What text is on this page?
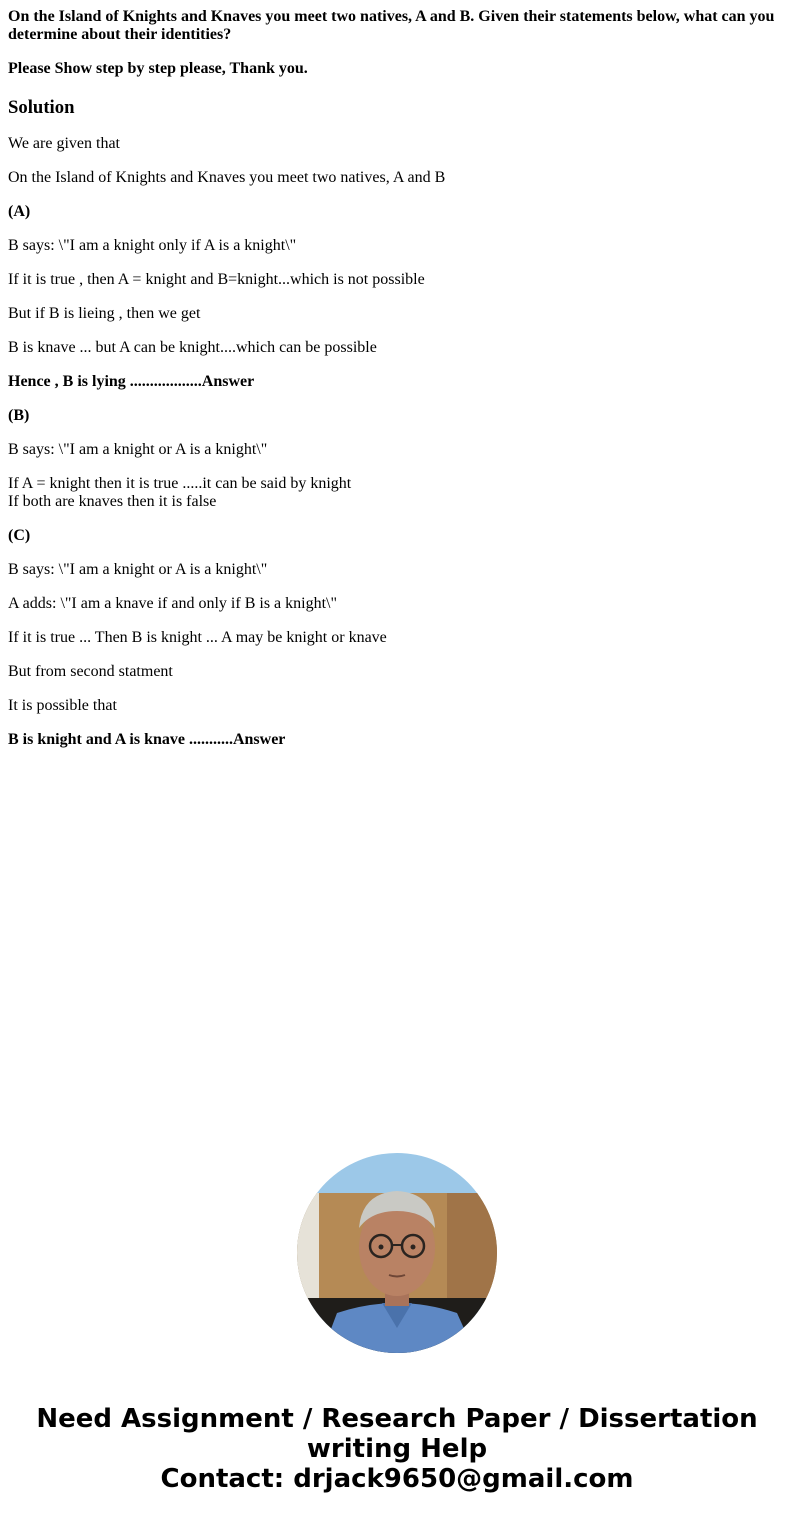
On the Island of Knights and Knaves you meet two natives, A and B. Given their statements below, what can you determine about their identities?
Please Show step by step please, Thank you.
Solution

We are given that

On the Island of Knights and Knaves you meet two natives, A and B

(A)

B says: \"I am a knight only if A is a knight\"

If it is true , then A = knight and B=knight...which is not possible

But if B is lieing , then we get

B is knave ... but A can be knight....which can be possible

Hence , B is lying ..................Answer

(B)

B says: \"I am a knight or A is a knight\"

If A = knight then it is true .....it can be said by knight
If both are knaves then it is false

(C)

B says: \"I am a knight or A is a knight\"

A adds: \"I am a knave if and only if B is a knight\"

If it is true ... Then B is knight ... A may be knight or knave

But from second statment

It is possible that

B is knight and A is knave ...........Answer

Need Assignment / Research Paper / Dissertation
writing Help
Contact: drjack9650@gmail.com
